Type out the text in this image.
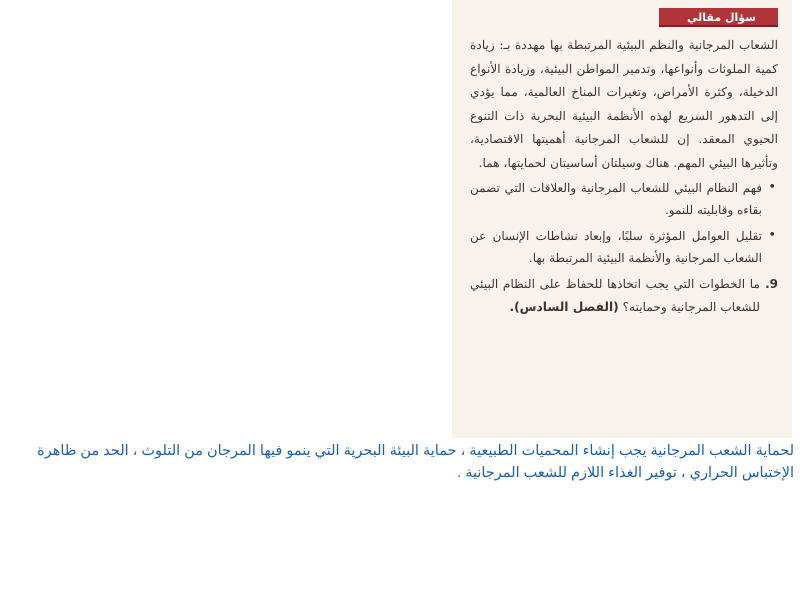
سؤال مقالي

الشعاب المرجانية والنظم البيئية المرتبطة بها مهددة بـ: زيادة كمية الملوثات وأنواعها، وتدمير المواطن البيئية، وزيادة الأنواع الدخيلة، وكثرة الأمراض، وتغيرات المناخ العالمية، مما يؤدي إلى التدهور السريع لهذه الأنظمة البيئية البحرية ذات التنوع الحيوي المعقد. إن للشعاب المرجانية أهميتها الاقتصادية، وتأثيرها البيئي المهم. هناك وسيلتان أساسيتان لحمايتها، هما.

•
فهم النظام البيئي للشعاب المرجانية والعلاقات التي تضمن بقاءه وقابليته للنمو.
•
تقليل العوامل المؤثرة سلبًا، وإبعاد نشاطات الإنسان عن الشعاب المرجانية والأنظمة البيئية المرتبطة بها.
9.
ما الخطوات التي يجب اتخاذها للحفاظ على النظام البيئي للشعاب المرجانية وحمايته؟ (الفصل السادس).
لحماية الشعب المرجانية يجب إنشاء المحميات الطبيعية ، حماية البيئة البحرية التي ينمو فيها المرجان من التلوث ، الحد من ظاهرة الإختباس الحراري ، توفير الغذاء اللازم للشعب المرجانية .
